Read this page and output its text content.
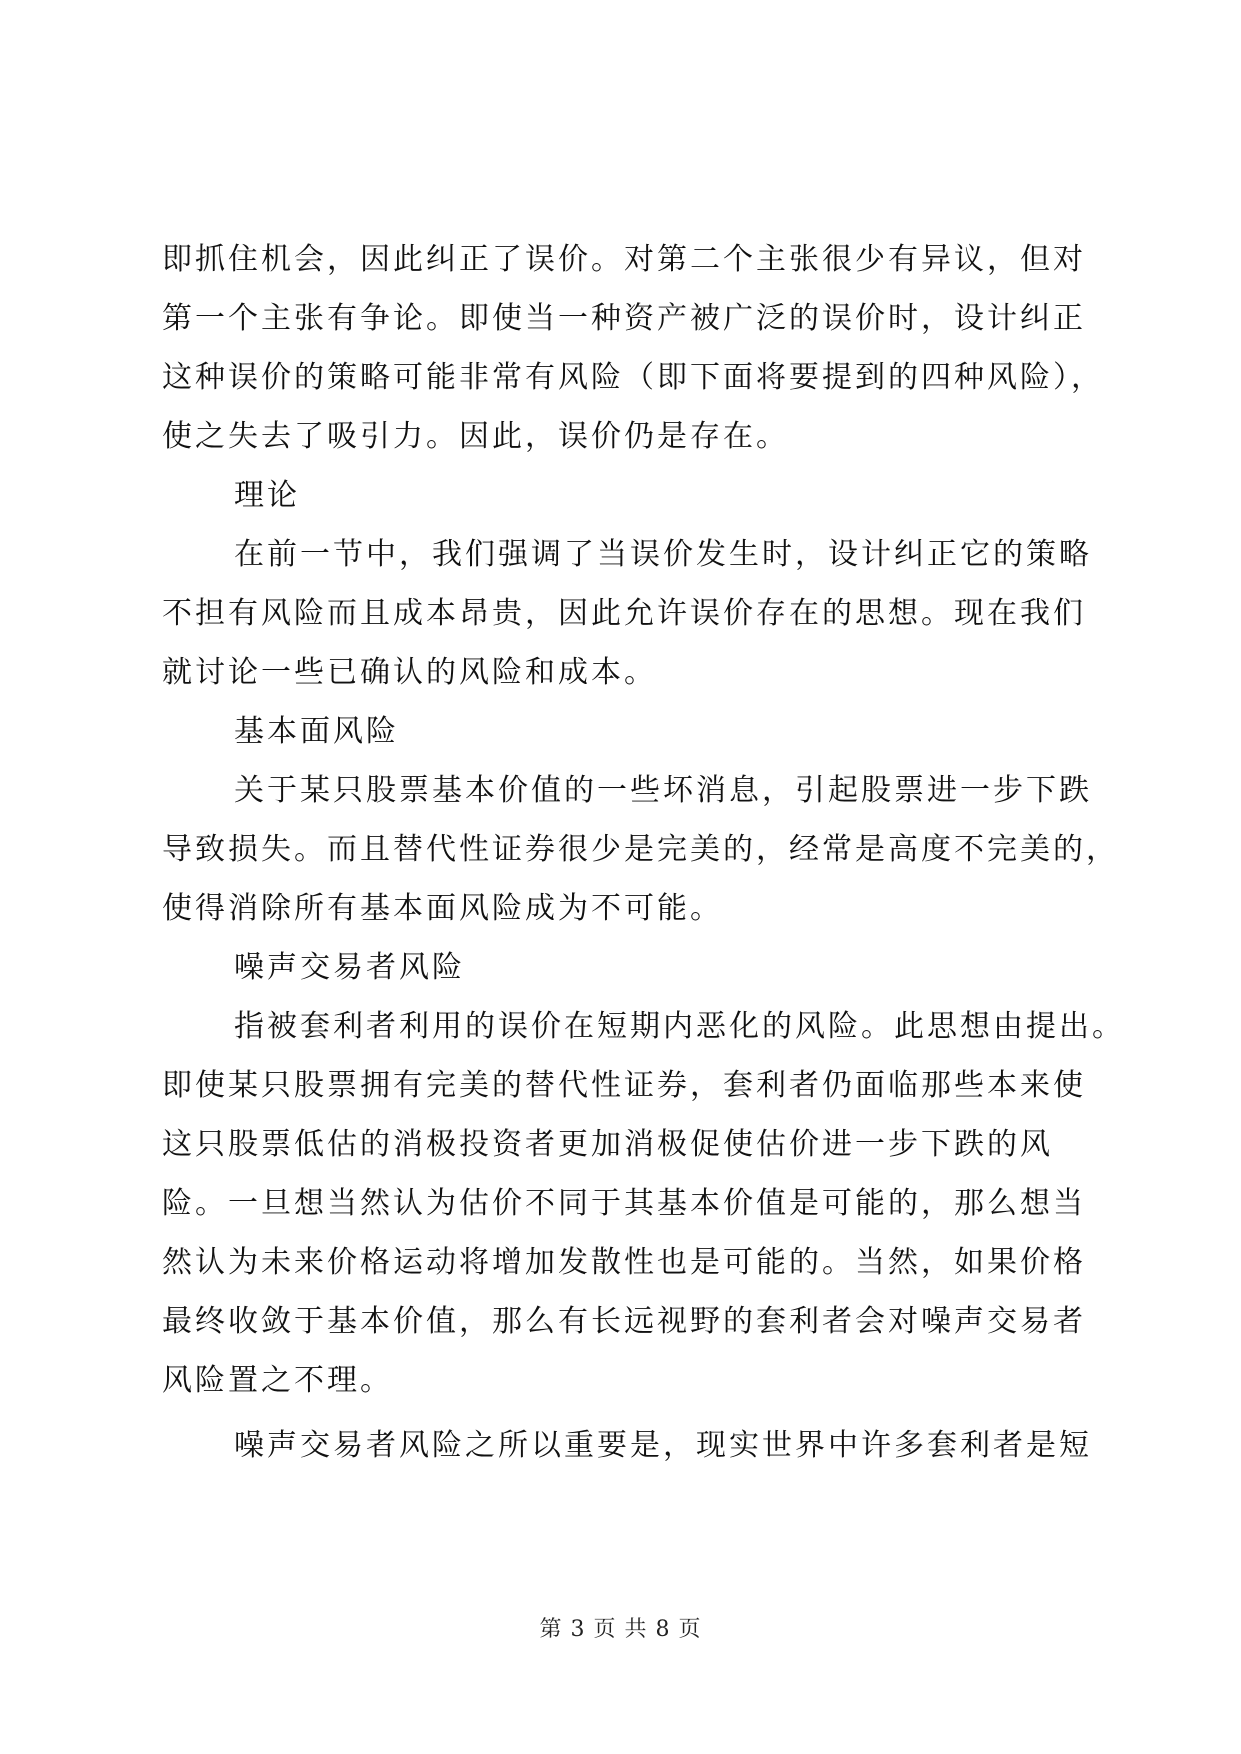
即抓住机会，因此纠正了误价。对第二个主张很少有异议，但对
第一个主张有争论。即使当一种资产被广泛的误价时，设计纠正
这种误价的策略可能非常有风险（即下面将要提到的四种风险），
使之失去了吸引力。因此，误价仍是存在。
理论
在前一节中，我们强调了当误价发生时，设计纠正它的策略
不担有风险而且成本昂贵，因此允许误价存在的思想。现在我们
就讨论一些已确认的风险和成本。
基本面风险
关于某只股票基本价值的一些坏消息，引起股票进一步下跌
导致损失。而且替代性证券很少是完美的，经常是高度不完美的，
使得消除所有基本面风险成为不可能。
噪声交易者风险
指被套利者利用的误价在短期内恶化的风险。此思想由提出。
即使某只股票拥有完美的替代性证券，套利者仍面临那些本来使
这只股票低估的消极投资者更加消极促使估价进一步下跌的风
险。一旦想当然认为估价不同于其基本价值是可能的，那么想当
然认为未来价格运动将增加发散性也是可能的。当然，如果价格
最终收敛于基本价值，那么有长远视野的套利者会对噪声交易者
风险置之不理。
噪声交易者风险之所以重要是，现实世界中许多套利者是短
第 3 页 共 8 页
